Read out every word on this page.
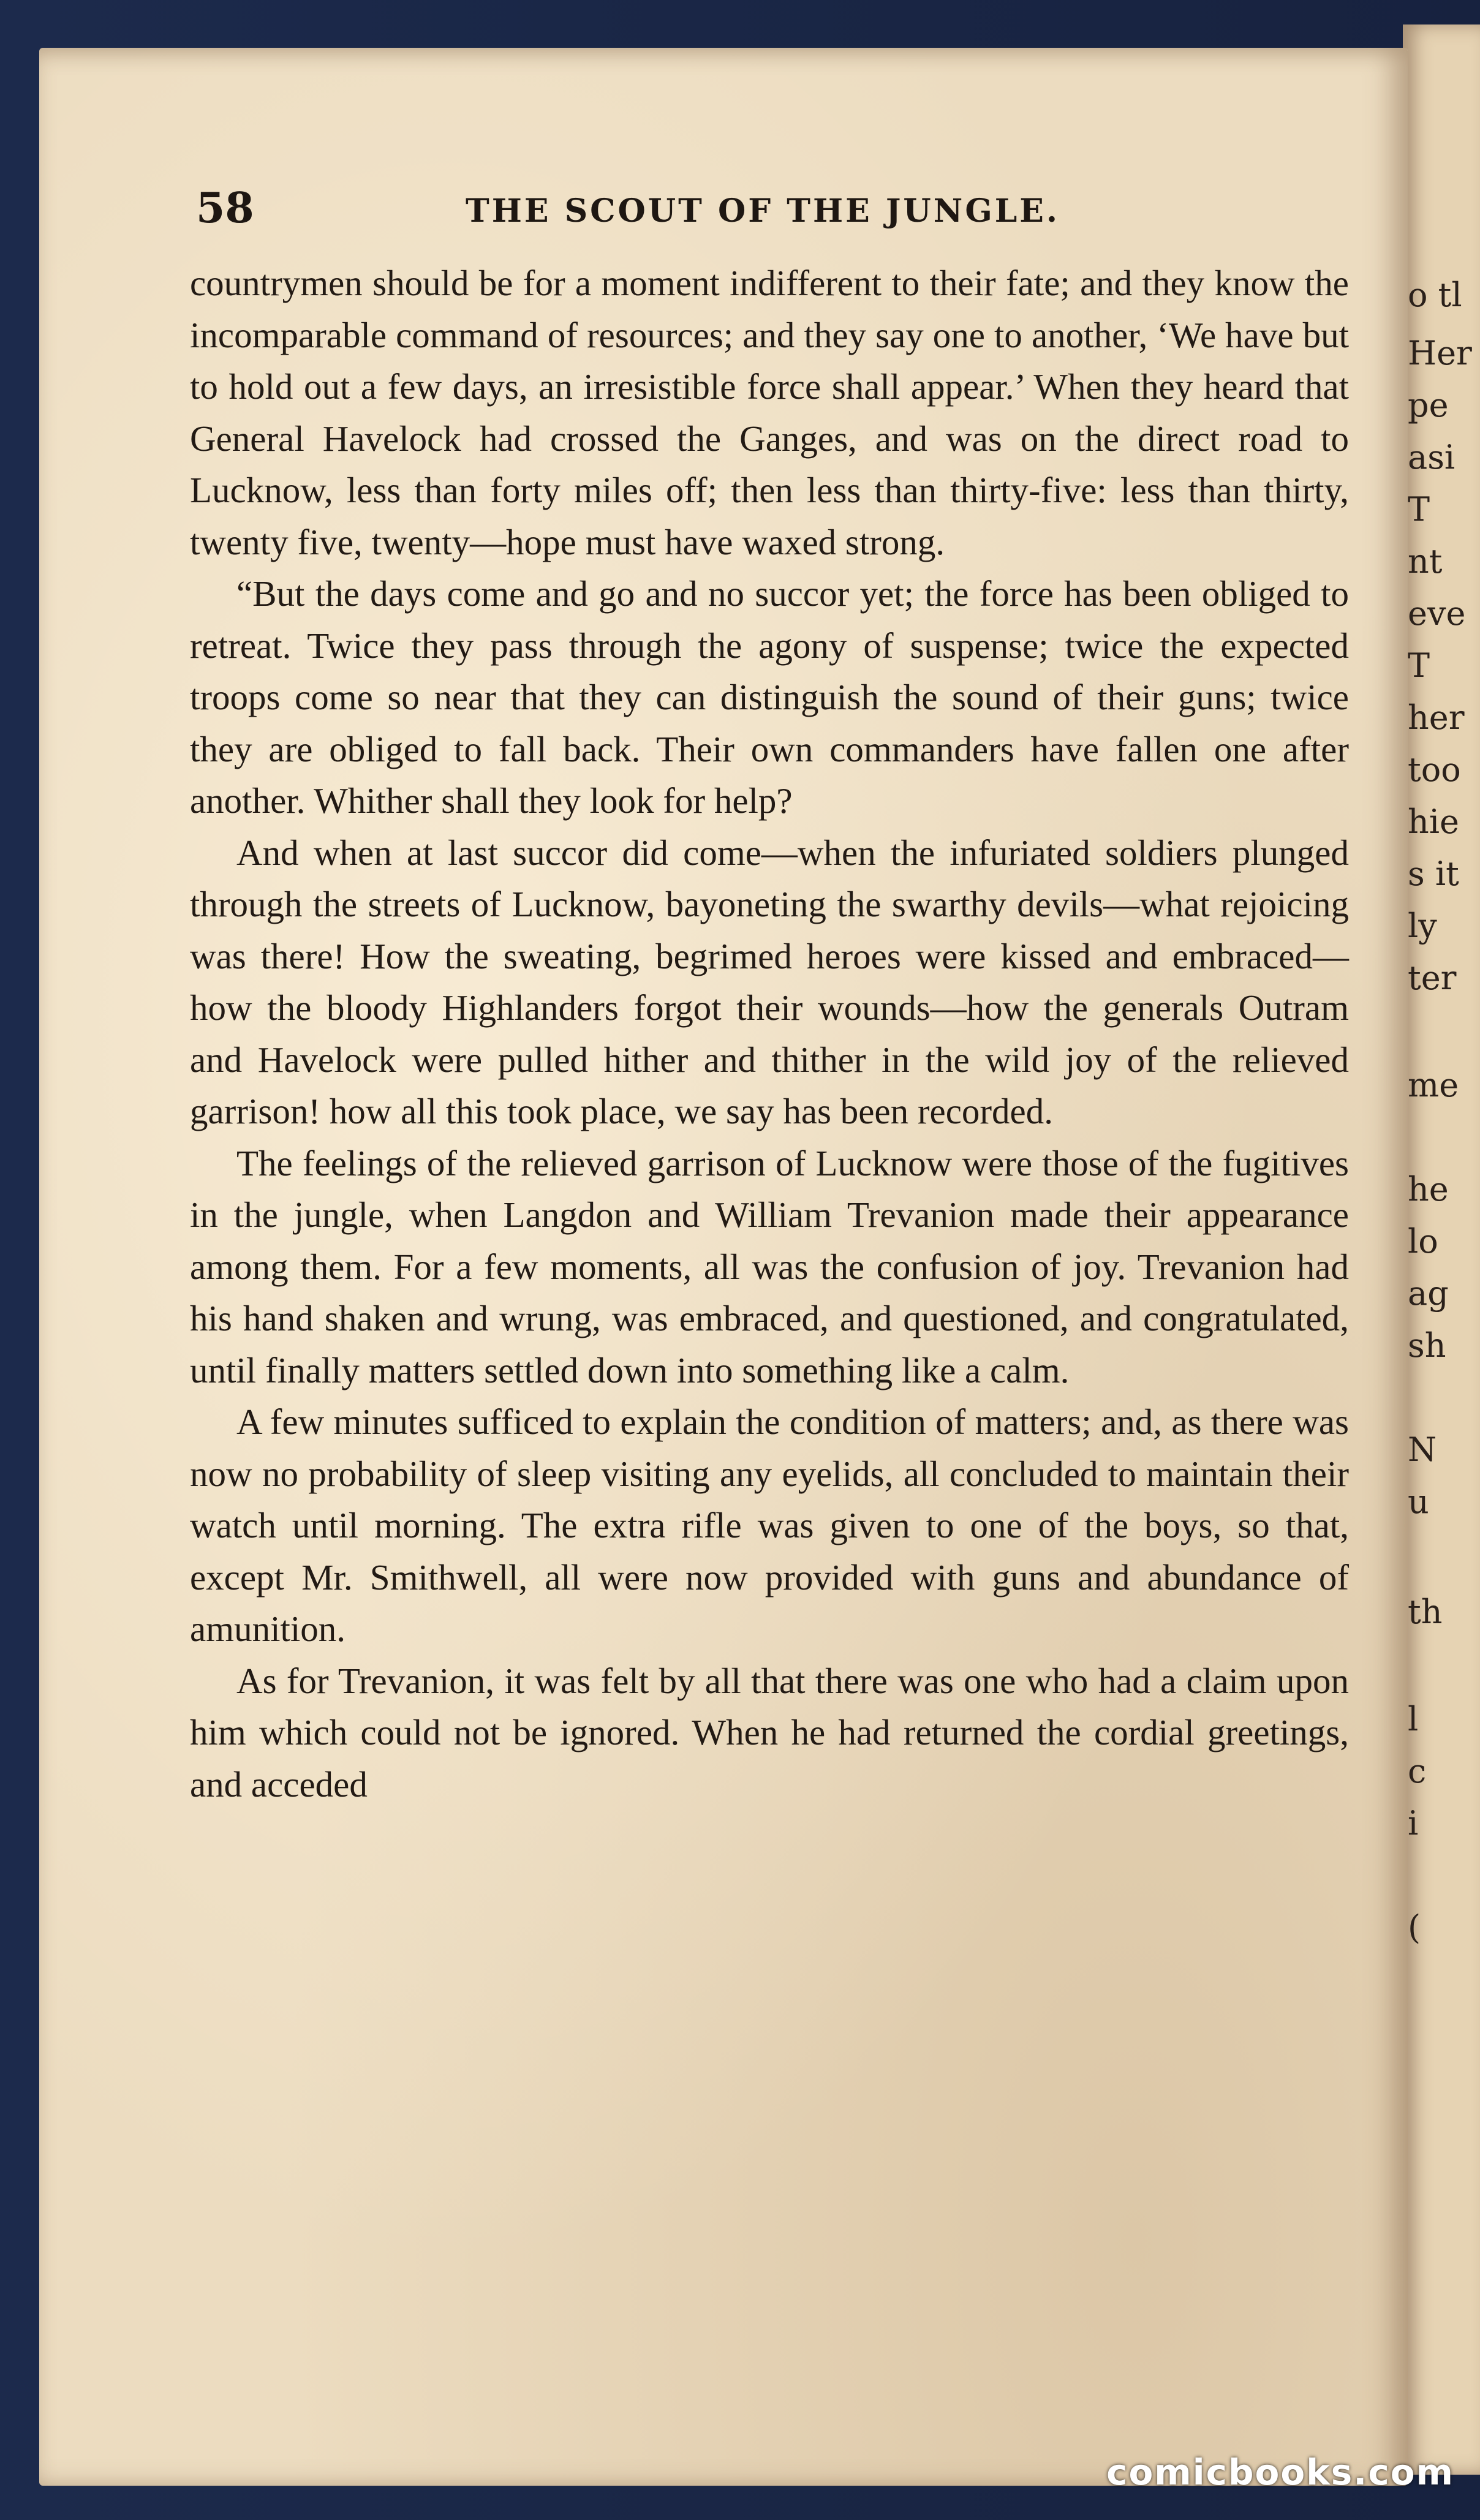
o tl
Her
pe
asi
T
nt
eve
T
her
too
hie
s it
ly
ter
me
he
lo
ag
sh
N
u
th
l
c
i
(
58	THE SCOUT OF THE JUNGLE.

countrymen should be for a moment indifferent to their fate; and they know the incomparable command of resources; and they say one to another, ‘We have but to hold out a few days, an irresistible force shall appear.’ When they heard that General Havelock had crossed the Ganges, and was on the direct road to Lucknow, less than forty miles off; then less than thirty-five: less than thirty, twenty five, twenty—hope must have waxed strong.

“But the days come and go and no succor yet; the force has been obliged to retreat. Twice they pass through the agony of suspense; twice the expected troops come so near that they can distinguish the sound of their guns; twice they are obliged to fall back. Their own commanders have fallen one after another. Whither shall they look for help?

And when at last succor did come—when the infuriated soldiers plunged through the streets of Lucknow, bayoneting the swarthy devils—what rejoicing was there! How the sweating, begrimed heroes were kissed and embraced—how the bloody Highlanders forgot their wounds—how the generals Outram and Havelock were pulled hither and thither in the wild joy of the relieved garrison! how all this took place, we say has been recorded.

The feelings of the relieved garrison of Lucknow were those of the fugitives in the jungle, when Langdon and William Trevanion made their appearance among them. For a few moments, all was the confusion of joy. Trevanion had his hand shaken and wrung, was embraced, and questioned, and congratulated, until finally matters settled down into something like a calm.

A few minutes sufficed to explain the condition of matters; and, as there was now no probability of sleep visiting any eyelids, all concluded to maintain their watch until morning. The extra rifle was given to one of the boys, so that, except Mr. Smithwell, all were now provided with guns and abundance of amunition.

As for Trevanion, it was felt by all that there was one who had a claim upon him which could not be ignored. When he had returned the cordial greetings, and acceded

comicbooks.com
